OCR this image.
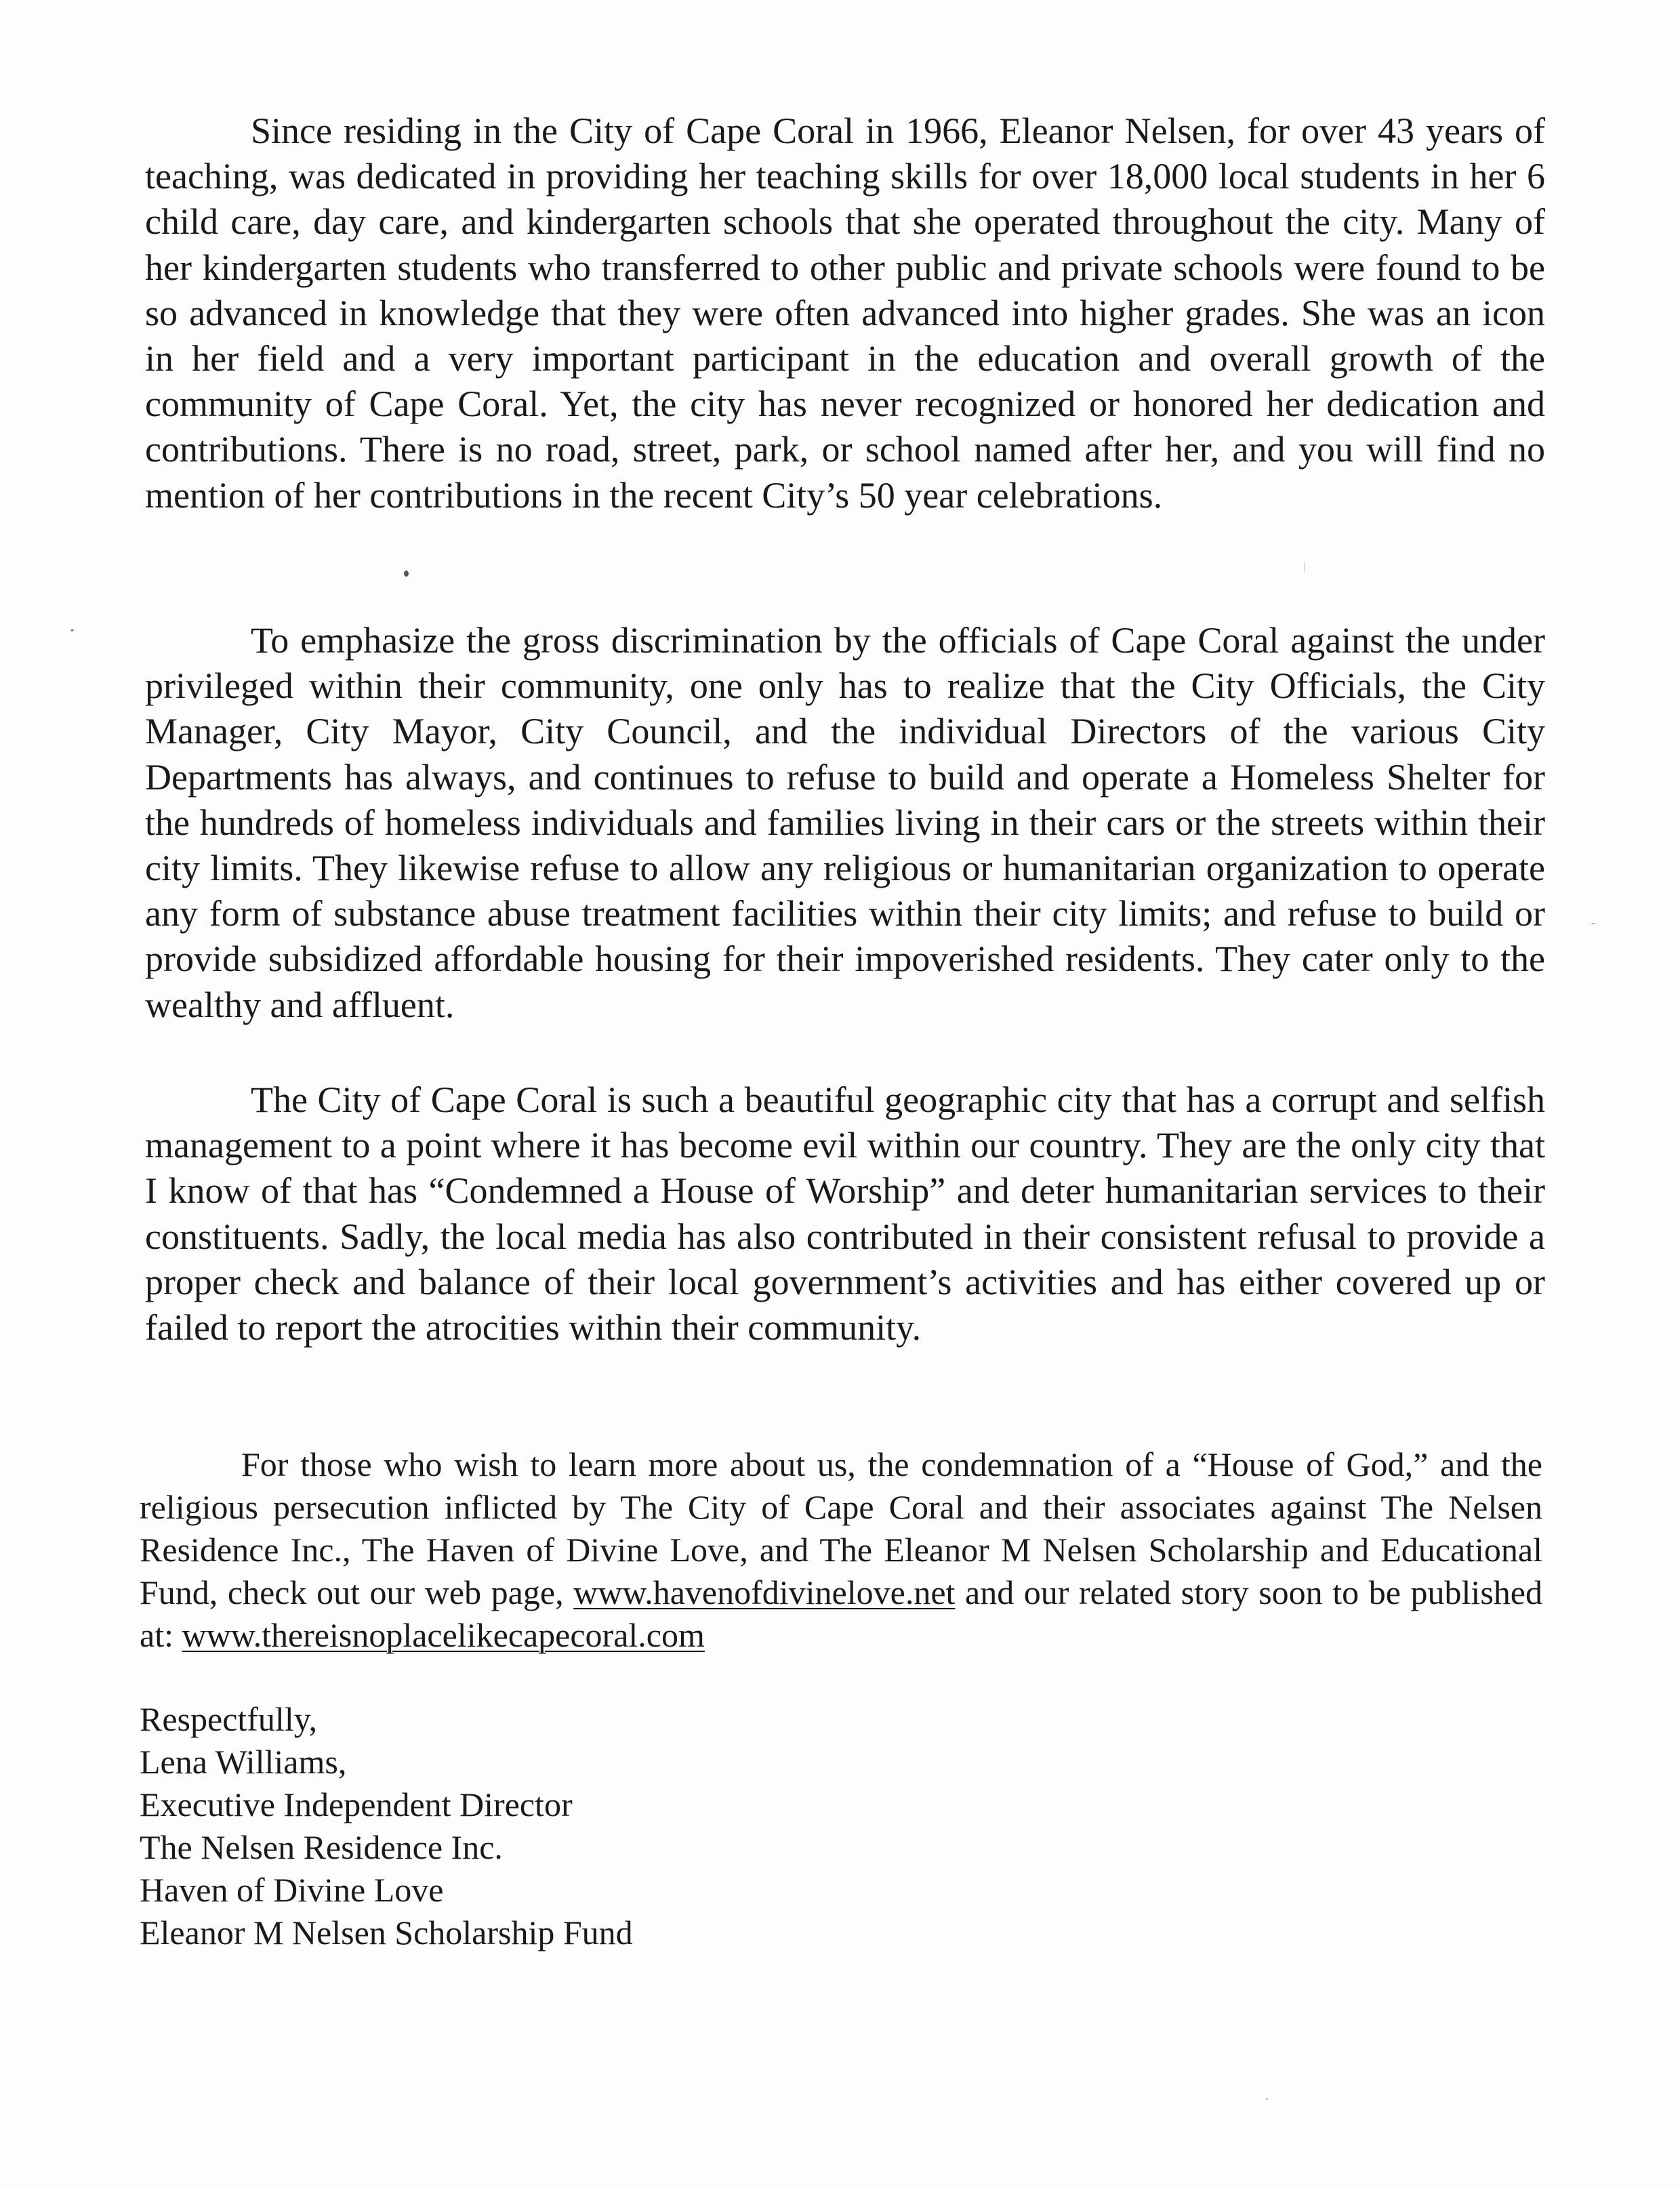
Since residing in the City of Cape Coral in 1966, Eleanor Nelsen, for over 43 years of teaching, was dedicated in providing her teaching skills for over 18,000 local students in her 6 child care, day care, and kindergarten schools that she operated throughout the city. Many of her kindergarten students who transferred to other public and private schools were found to be so advanced in knowledge that they were often advanced into higher grades. She was an icon in her field and a very important participant in the education and overall growth of the community of Cape Coral. Yet, the city has never recognized or honored her dedication and contributions. There is no road, street, park, or school named after her, and you will find no mention of her contributions in the recent City’s 50 year celebrations.

To emphasize the gross discrimination by the officials of Cape Coral against the under privileged within their community, one only has to realize that the City Officials, the City Manager, City Mayor, City Council, and the individual Directors of the various City Departments has always, and continues to refuse to build and operate a Homeless Shelter for the hundreds of homeless individuals and families living in their cars or the streets within their city limits. They likewise refuse to allow any religious or humanitarian organization to operate any form of substance abuse treatment facilities within their city limits; and refuse to build or provide subsidized affordable housing for their impoverished residents. They cater only to the wealthy and affluent.

The City of Cape Coral is such a beautiful geographic city that has a corrupt and selfish management to a point where it has become evil within our country. They are the only city that I know of that has “Condemned a House of Worship” and deter humanitarian services to their constituents. Sadly, the local media has also contributed in their consistent refusal to provide a proper check and balance of their local government’s activities and has either covered up or failed to report the atrocities within their community.

For those who wish to learn more about us, the condemnation of a “House of God,” and the religious persecution inflicted by The City of Cape Coral and their associates against The Nelsen Residence Inc., The Haven of Divine Love, and The Eleanor M Nelsen Scholarship and Educational Fund, check out our web page, www.havenofdivinelove.net and our related story soon to be published at: www.thereisnoplacelikecapecoral.com

Respectfully,
Lena Williams,
Executive Independent Director
The Nelsen Residence Inc.
Haven of Divine Love
Eleanor M Nelsen Scholarship Fund
